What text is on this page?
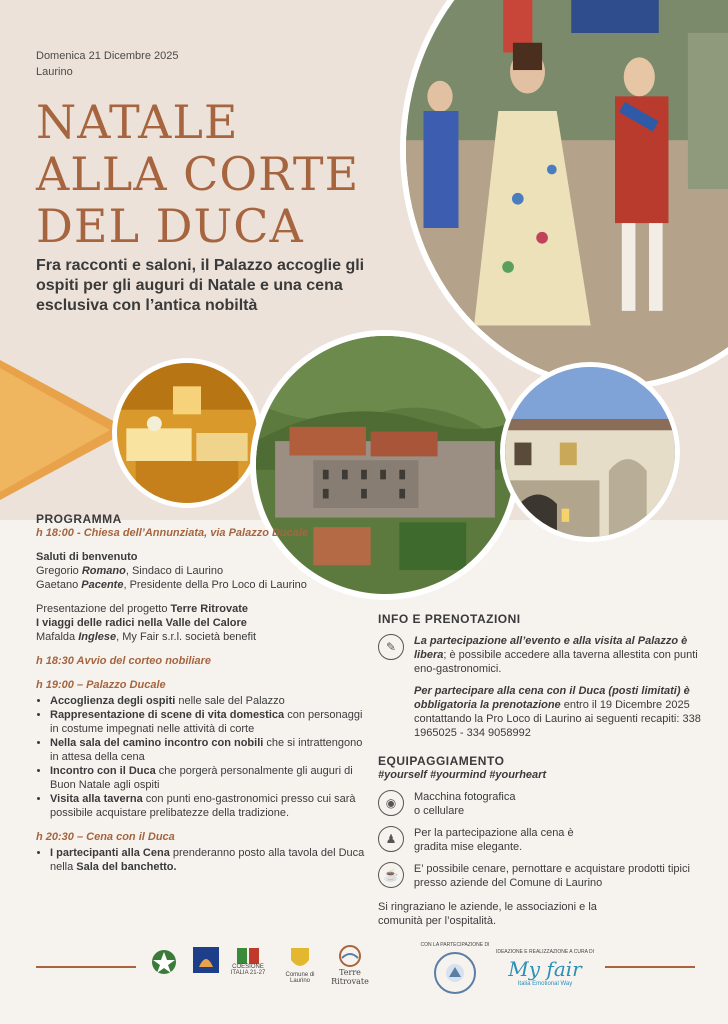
Domenica 21 Dicembre 2025
Laurino
NATALE
ALLA CORTE
DEL DUCA
Fra racconti e saloni, il Palazzo accoglie gli ospiti per gli auguri di Natale e una cena esclusiva con l’antica nobiltà

PROGRAMMA

h 18:00 - Chiesa dell’Annunziata, via Palazzo Ducale

Saluti di benvenuto

Gregorio Romano, Sindaco di Laurino

Gaetano Pacente, Presidente della Pro Loco di Laurino

Presentazione del progetto Terre Ritrovate

I viaggi delle radici nella Valle del Calore

Mafalda Inglese, My Fair s.r.l. società benefit

h 18:30 Avvio del corteo nobiliare

h 19:00 – Palazzo Ducale

• Accoglienza degli ospiti nelle sale del Palazzo
• Rappresentazione di scene di vita domestica con personaggi in costume impegnati nelle attività di corte
• Nella sala del camino incontro con nobili che si intrattengono in attesa della cena
• Incontro con il Duca che porgerà personalmente gli auguri di Buon Natale agli ospiti
• Visita alla taverna con punti eno-gastronomici presso cui sarà possibile acquistare prelibatezze della tradizione.

h 20:30 – Cena con il Duca

• I partecipanti alla Cena prenderanno posto alla tavola del Duca nella Sala del banchetto.

INFO E PRENOTAZIONI

✎	La partecipazione all’evento e alla visita al Palazzo è libera; è possibile accedere alla taverna allestita con punti eno-gastronomici.

Per partecipare alla cena con il Duca (posti limitati) è obbligatoria la prenotazione entro il 19 Dicembre 2025 contattando la Pro Loco di Laurino ai seguenti recapiti: 338 1965025 - 334 9058992

EQUIPAGGIAMENTO

#yourself #yourmind #yourheart

◉	Macchina fotografica o cellulare
♟	Per la partecipazione alla cena è gradita mise elegante.
☕	E’ possibile cenare, pernottare e acquistare prodotti tipici presso aziende del Comune di Laurino

Si ringraziano le aziende, le associazioni e la comunità per l’ospitalità.

COESIONE ITALIA 21-27	Comune di Laurino
Terre Ritrovate
CON LA PARTECIPAZIONE DI
IDEAZIONE E REALIZZAZIONE A CURA DI
My fair
Italia Emotional Way
